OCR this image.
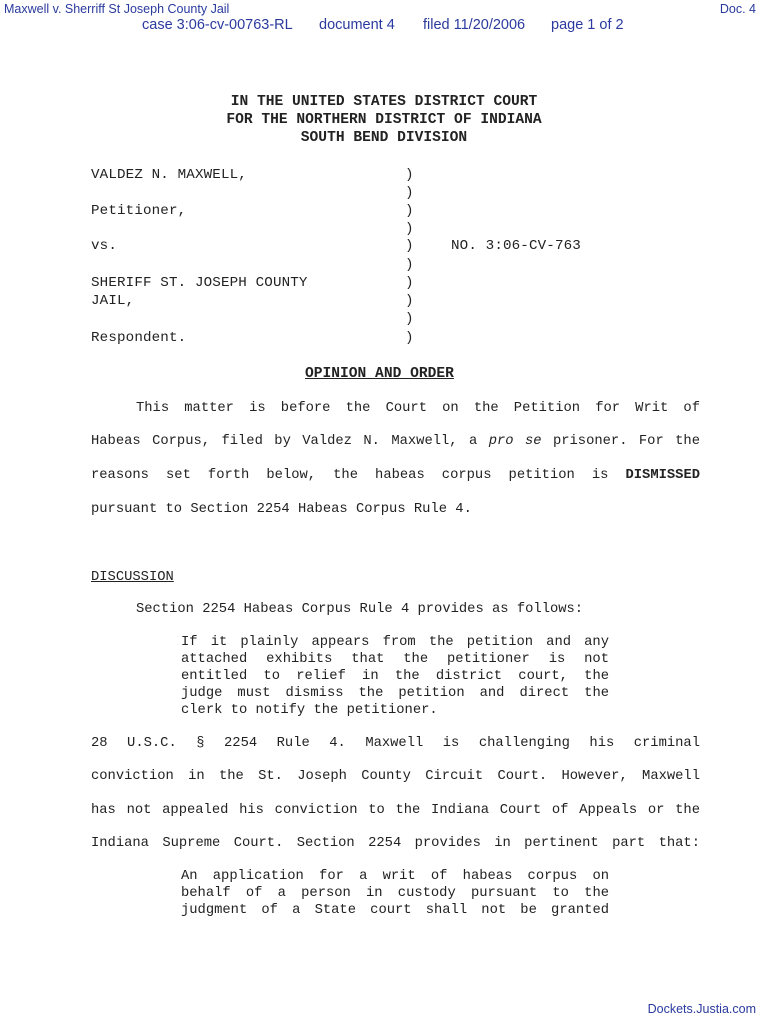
Maxwell v. Sherriff St Joseph County Jail	Doc. 4
case 3:06-cv-00763-RL document 4 filed 11/20/2006 page 1 of 2
IN THE UNITED STATES DISTRICT COURT
FOR THE NORTHERN DISTRICT OF INDIANA
SOUTH BEND DIVISION
VALDEZ N. MAXWELL,
Petitioner,
vs.
SHERIFF ST. JOSEPH COUNTY
JAIL,
Respondent.
)
)
)
)
)
)
)
)
)
)
NO. 3:06-CV-763
OPINION AND ORDER
This matter is before the Court on the Petition for Writ of
Habeas Corpus, filed by Valdez N. Maxwell, a pro se prisoner. For the
reasons set forth below, the habeas corpus petition is DISMISSED
pursuant to Section 2254 Habeas Corpus Rule 4.
DISCUSSION
Section 2254 Habeas Corpus Rule 4 provides as follows:
If it plainly appears from the petition and any
attached exhibits that the petitioner is not
entitled to relief in the district court, the
judge must dismiss the petition and direct the
clerk to notify the petitioner.
28 U.S.C. § 2254 Rule 4. Maxwell is challenging his criminal
conviction in the St. Joseph County Circuit Court. However, Maxwell
has not appealed his conviction to the Indiana Court of Appeals or the
Indiana Supreme Court. Section 2254 provides in pertinent part that:
An application for a writ of habeas corpus on
behalf of a person in custody pursuant to the
judgment of a State court shall not be granted
Dockets.Justia.com
